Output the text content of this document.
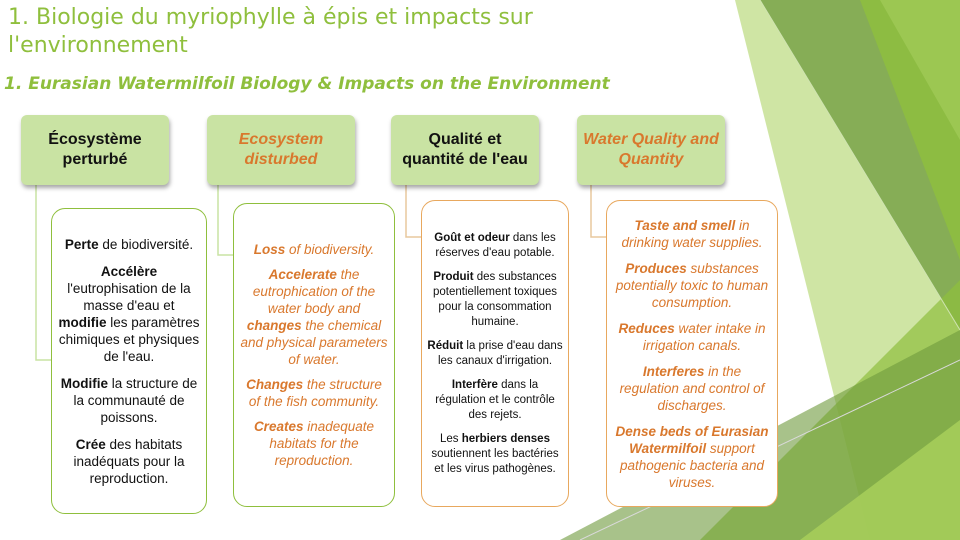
1. Biologie du myriophylle à épis et impacts sur l'environnement
1. Eurasian Watermilfoil Biology & Impacts on the Environment
Écosystème perturbé
Ecosystem disturbed
Qualité et quantité de l'eau
Water Quality and Quantity

Perte de biodiversité.

Accélère l'eutrophisation de la masse d'eau et modifie les paramètres chimiques et physiques de l'eau.

Modifie la structure de la communauté de poissons.

Crée des habitats inadéquats pour la reproduction.

Loss of biodiversity.

Accelerate the eutrophication of the water body and changes the chemical and physical parameters of water.

Changes the structure of the fish community.

Creates inadequate habitats for the reproduction.

Goût et odeur dans les réserves d'eau potable.

Produit des substances potentiellement toxiques pour la consommation humaine.

Réduit la prise d'eau dans les canaux d'irrigation.

Interfère dans la régulation et le contrôle des rejets.

Les herbiers denses soutiennent les bactéries et les virus pathogènes.

Taste and smell in drinking water supplies.

Produces substances potentially toxic to human consumption.

Reduces water intake in irrigation canals.

Interferes in the regulation and control of discharges.

Dense beds of Eurasian Watermilfoil support pathogenic bacteria and viruses.
